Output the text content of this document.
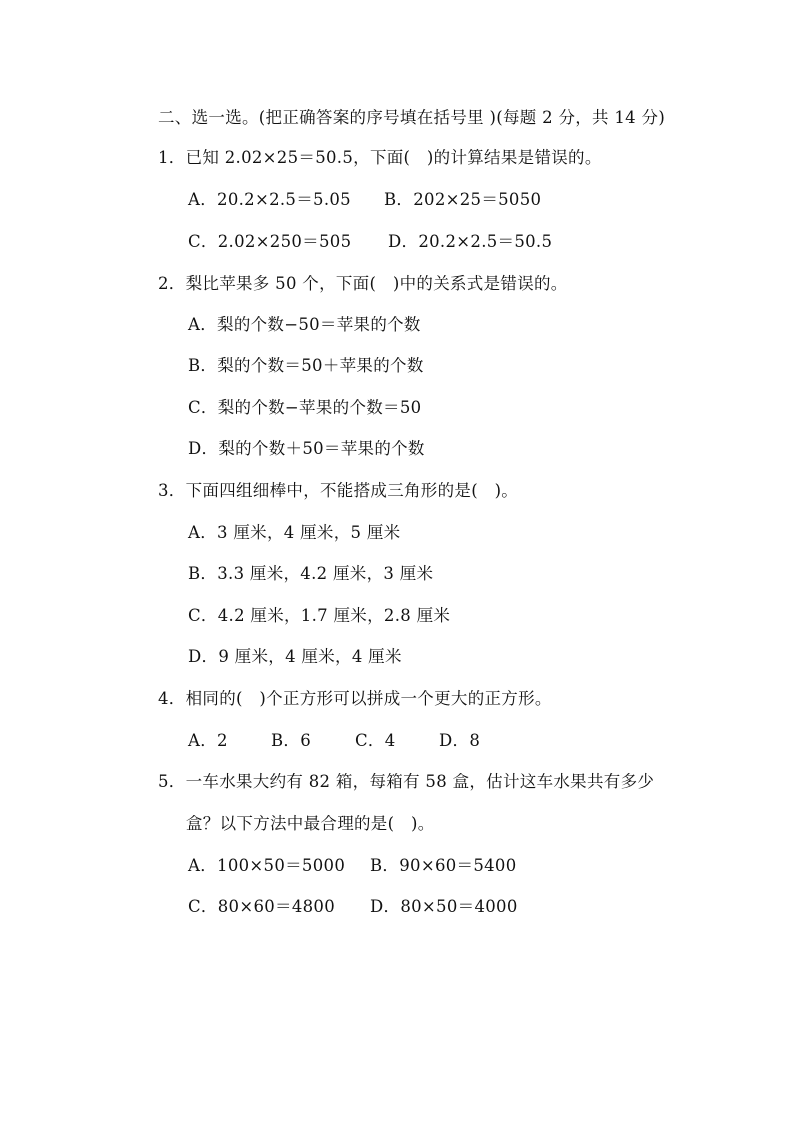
二、选一选。(把正确答案的序号填在括号里 )(每题 2 分，共 14 分)
1．已知 2.02×25＝50.5，下面(   )的计算结果是错误的。
A．20.2×2.5＝5.05 B．202×25＝5050
C．2.02×250＝505 D．20.2×2.5＝50.5
2．梨比苹果多 50 个，下面(   )中的关系式是错误的。
A．梨的个数−50＝苹果的个数
B．梨的个数＝50＋苹果的个数
C．梨的个数−苹果的个数＝50
D．梨的个数＋50＝苹果的个数
3．下面四组细棒中，不能搭成三角形的是(   )。
A．3 厘米，4 厘米，5 厘米
B．3.3 厘米，4.2 厘米，3 厘米
C．4.2 厘米，1.7 厘米，2.8 厘米
D．9 厘米，4 厘米，4 厘米
4．相同的(   )个正方形可以拼成一个更大的正方形。
A．2	B．6	C．4	D．8
5．一车水果大约有 82 箱，每箱有 58 盒，估计这车水果共有多少
盒？以下方法中最合理的是(   )。
A．100×50＝5000 B．90×60＝5400
C．80×60＝4800 D．80×50＝4000
